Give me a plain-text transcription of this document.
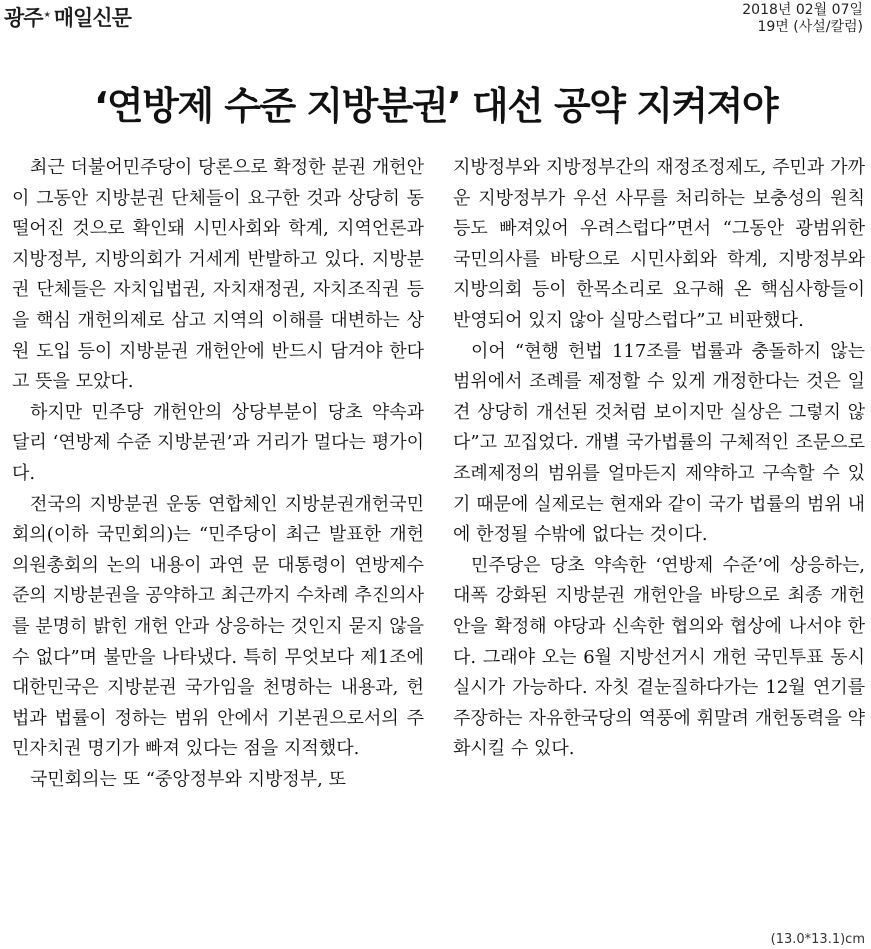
광주★ 매일신문	2018년 02월 07일
19면 (사설/칼럼)
‘연방제 수준 지방분권’ 대선 공약 지켜져야

최근 더불어민주당이 당론으로 확정한 분권 개헌안이 그동안 지방분권 단체들이 요구한 것과 상당히 동 떨어진 것으로 확인돼 시민사회와 학계, 지역언론과 지방정부, 지방의회가 거세게 반발하고 있다. 지방분권 단체들은 자치입법권, 자치재정권, 자치조직권 등을 핵심 개헌의제로 삼고 지역의 이해를 대변하는 상원 도입 등이 지방분권 개헌안에 반드시 담겨야 한다고 뜻을 모았다.

하지만 민주당 개헌안의 상당부분이 당초 약속과 달리 ‘연방제 수준 지방분권’과 거리가 멀다는 평가이다.

전국의 지방분권 운동 연합체인 지방분권개헌국민회의(이하 국민회의)는 “민주당이 최근 발표한 개헌 의원총회의 논의 내용이 과연 문 대통령이 연방제수준의 지방분권을 공약하고 최근까지 수차례 추진의사를 분명히 밝힌 개헌 안과 상응하는 것인지 묻지 않을 수 없다”며 불만을 나타냈다. 특히 무엇보다 제1조에 대한민국은 지방분권 국가임을 천명하는 내용과, 헌법과 법률이 정하는 범위 안에서 기본권으로서의 주민자치권 명기가 빠져 있다는 점을 지적했다.

국민회의는 또 “중앙정부와 지방정부, 또

지방정부와 지방정부간의 재정조정제도, 주민과 가까운 지방정부가 우선 사무를 처리하는 보충성의 원칙 등도 빠져있어 우려스럽다”면서 “그동안 광범위한 국민의사를 바탕으로 시민사회와 학계, 지방정부와 지방의회 등이 한목소리로 요구해 온 핵심사항들이 반영되어 있지 않아 실망스럽다”고 비판했다.

이어 “현행 헌법 117조를 법률과 충돌하지 않는 범위에서 조례를 제정할 수 있게 개정한다는 것은 일견 상당히 개선된 것처럼 보이지만 실상은 그렇지 않다”고 꼬집었다. 개별 국가법률의 구체적인 조문으로 조례제정의 범위를 얼마든지 제약하고 구속할 수 있기 때문에 실제로는 현재와 같이 국가 법률의 범위 내에 한정될 수밖에 없다는 것이다.

민주당은 당초 약속한 ‘연방제 수준’에 상응하는, 대폭 강화된 지방분권 개헌안을 바탕으로 최종 개헌안을 확정해 야당과 신속한 협의와 협상에 나서야 한다. 그래야 오는 6월 지방선거시 개헌 국민투표 동시 실시가 가능하다. 자칫 곁눈질하다가는 12월 연기를 주장하는 자유한국당의 역풍에 휘말려 개헌동력을 약화시킬 수 있다.

(13.0*13.1)cm
